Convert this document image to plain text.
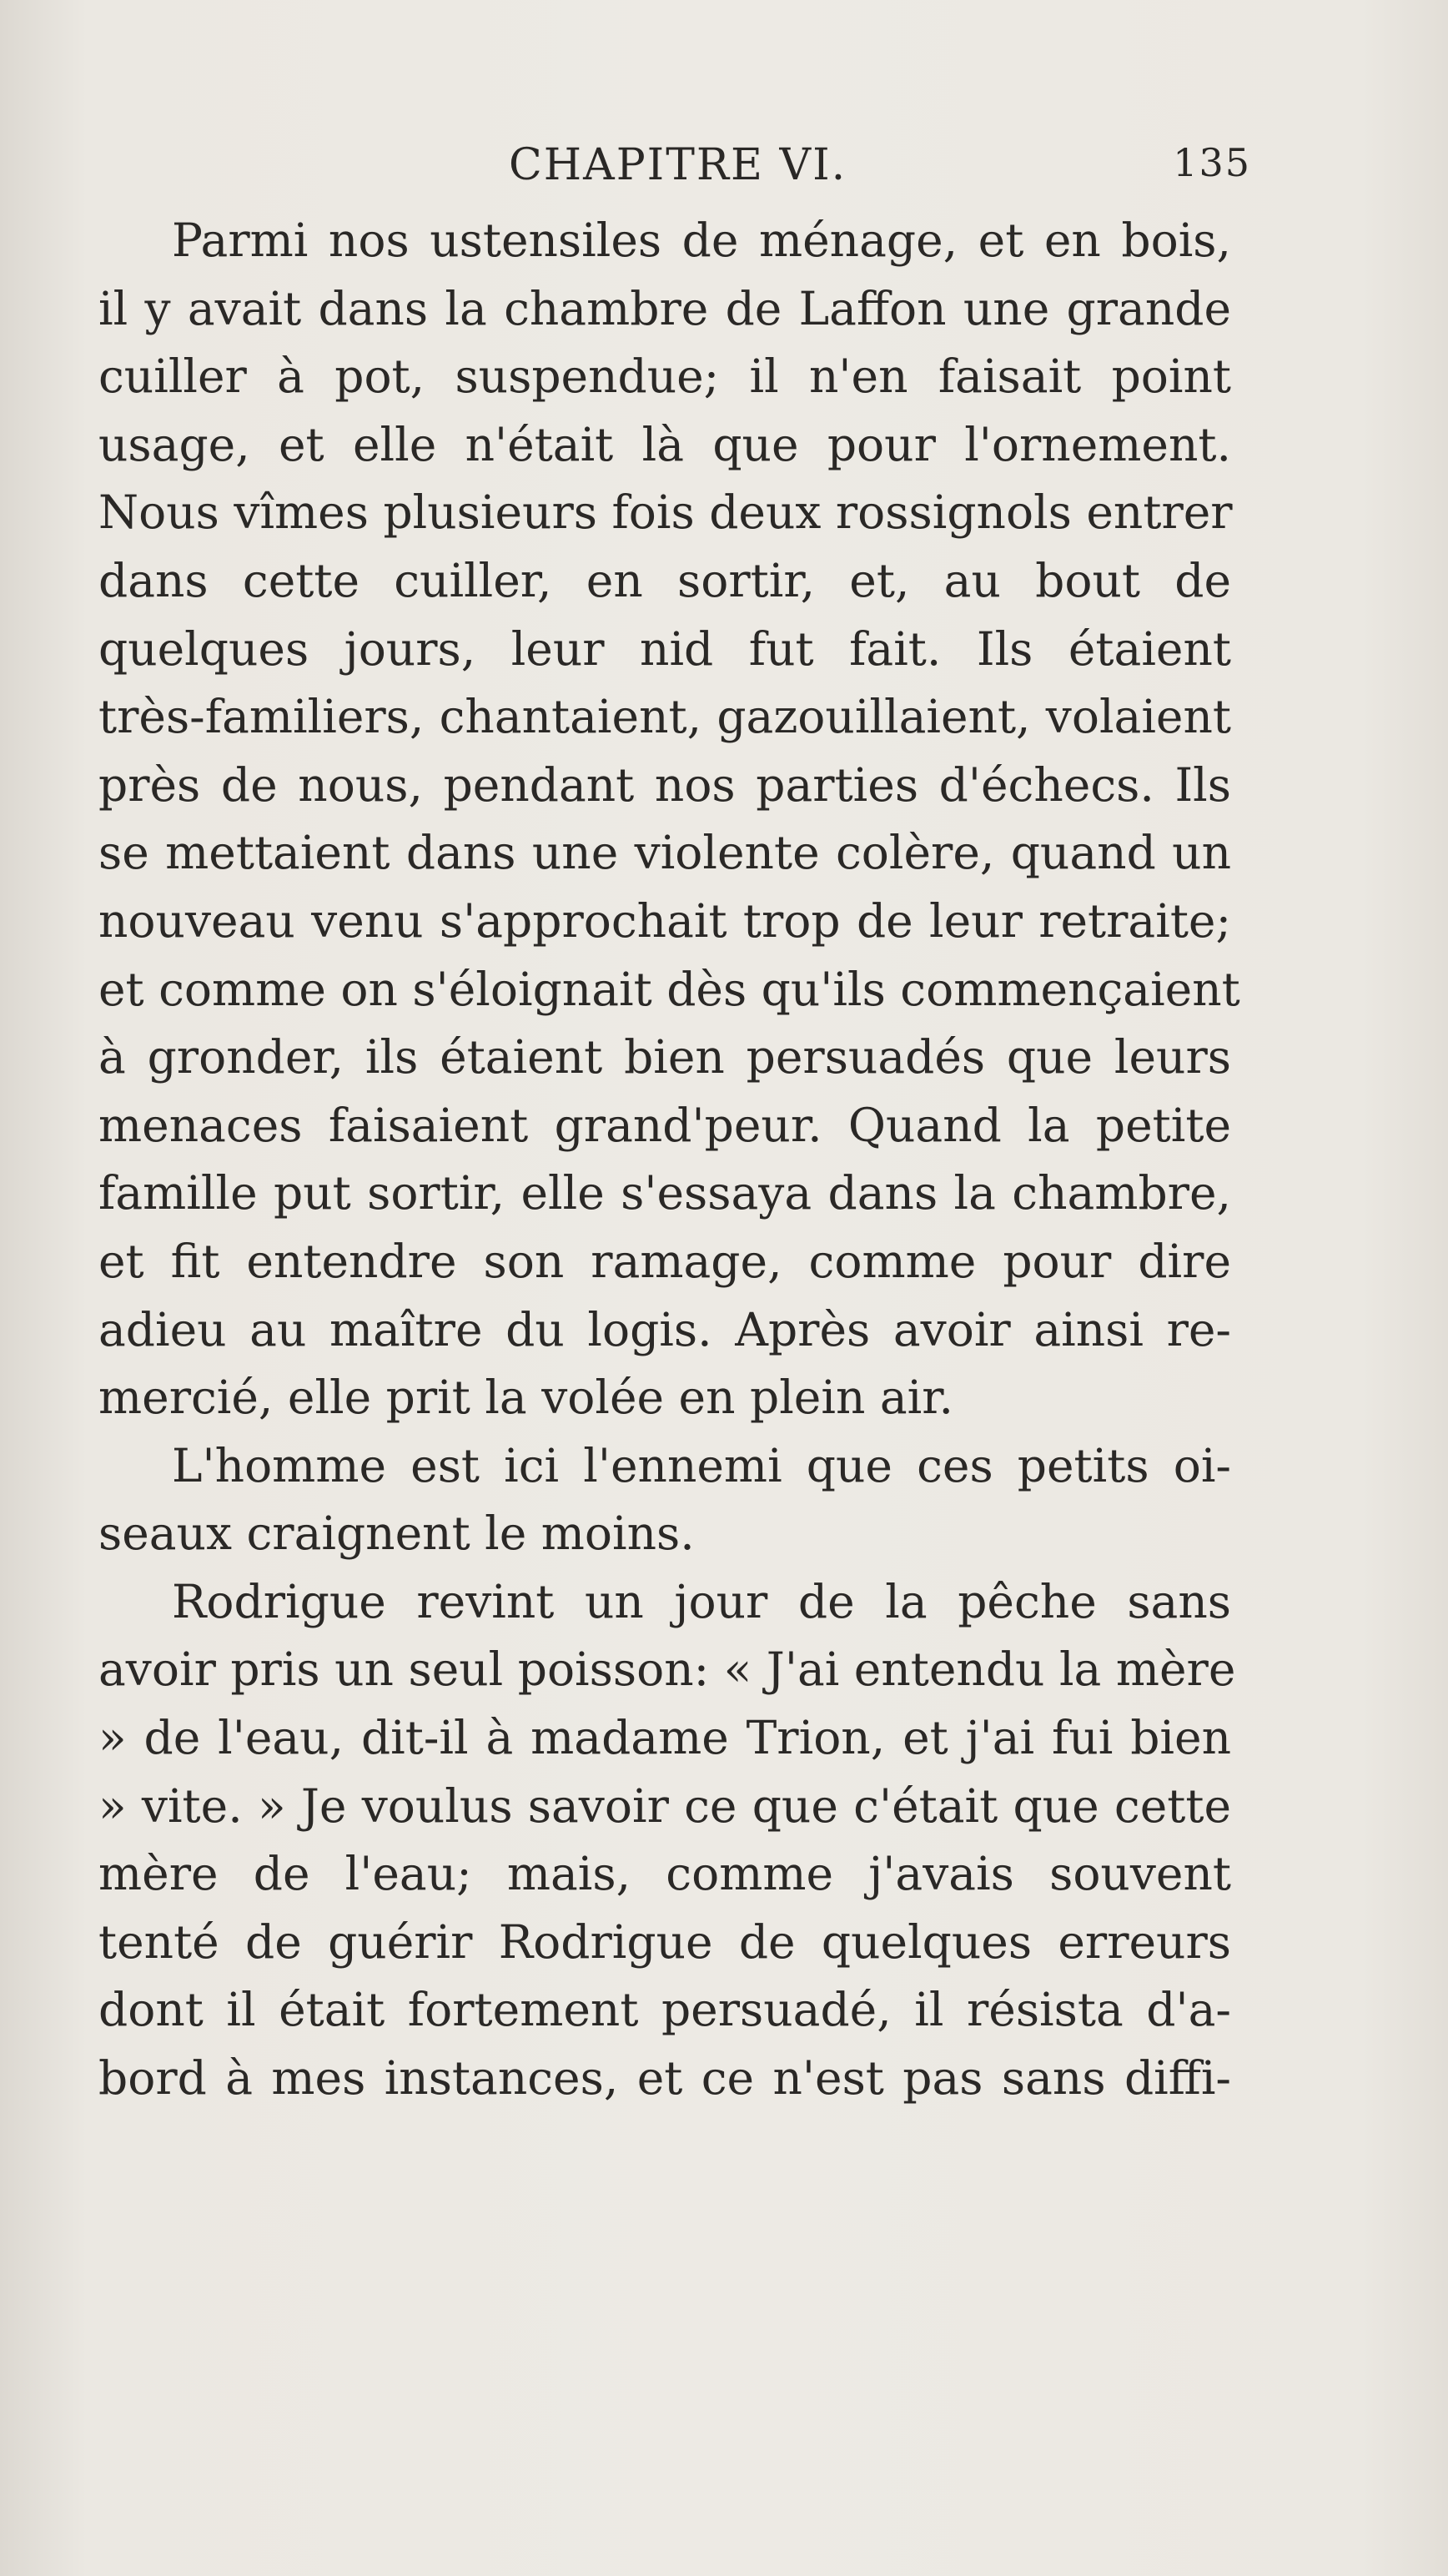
CHAPITRE VI.	135
Parmi nos ustensiles de ménage, et en bois,
il y avait dans la chambre de Laffon une grande
cuiller à pot, suspendue; il n'en faisait point
usage, et elle n'était là que pour l'ornement.
Nous vîmes plusieurs fois deux rossignols entrer
dans cette cuiller, en sortir, et, au bout de
quelques jours, leur nid fut fait. Ils étaient
très-familiers, chantaient, gazouillaient, volaient
près de nous, pendant nos parties d'échecs. Ils
se mettaient dans une violente colère, quand un
nouveau venu s'approchait trop de leur retraite;
et comme on s'éloignait dès qu'ils commençaient
à gronder, ils étaient bien persuadés que leurs
menaces faisaient grand'peur. Quand la petite
famille put sortir, elle s'essaya dans la chambre,
et fit entendre son ramage, comme pour dire
adieu au maître du logis. Après avoir ainsi re-
mercié, elle prit la volée en plein air.
L'homme est ici l'ennemi que ces petits oi-
seaux craignent le moins.
Rodrigue revint un jour de la pêche sans
avoir pris un seul poisson: « J'ai entendu la mère
» de l'eau, dit-il à madame Trion, et j'ai fui bien
» vite. » Je voulus savoir ce que c'était que cette
mère de l'eau; mais, comme j'avais souvent
tenté de guérir Rodrigue de quelques erreurs
dont il était fortement persuadé, il résista d'a-
bord à mes instances, et ce n'est pas sans diffi-
